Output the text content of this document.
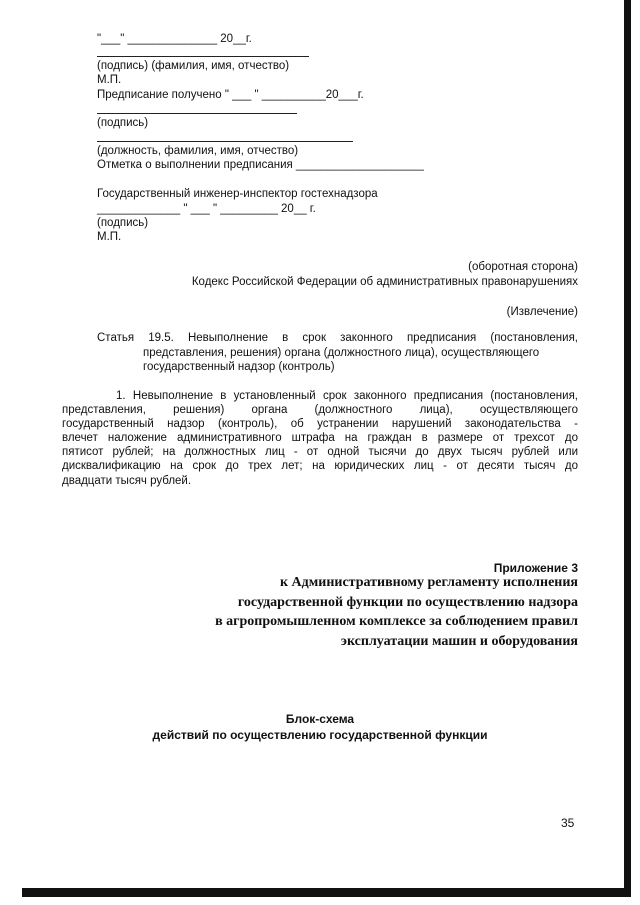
"___" ______________ 20__г.
(подпись) (фамилия, имя, отчество)
М.П.
Предписание получено " ___ " __________20___г.
(подпись)
(должность, фамилия, имя, отчество)
Отметка о выполнении предписания ____________________
Государственный инженер-инспектор гостехнадзора
_____________ " ___ " _________ 20__ г.
(подпись)
М.П.
(оборотная сторона)
Кодекс Российской Федерации об административных правонарушениях
(Извлечение)
Статья 19.5. Невыполнение в срок законного предписания (постановления,
представления, решения) органа (должностного лица), осуществляющего
государственный надзор (контроль)
1. Невыполнение в установленный срок законного предписания (постановления,
представления, решения) органа (должностного лица), осуществляющего
государственный надзор (контроль), об устранении нарушений законодательства -
влечет наложение административного штрафа на граждан в размере от трехсот до
пятисот рублей; на должностных лиц - от одной тысячи до двух тысяч рублей или
дисквалификацию на срок до трех лет; на юридических лиц - от десяти тысяч до
двадцати тысяч рублей.
Приложение 3
к Административному регламенту исполнения
государственной функции по осуществлению надзора
в агропромышленном комплексе за соблюдением правил
эксплуатации машин и оборудования
Блок-схема
действий по осуществлению государственной функции
35
